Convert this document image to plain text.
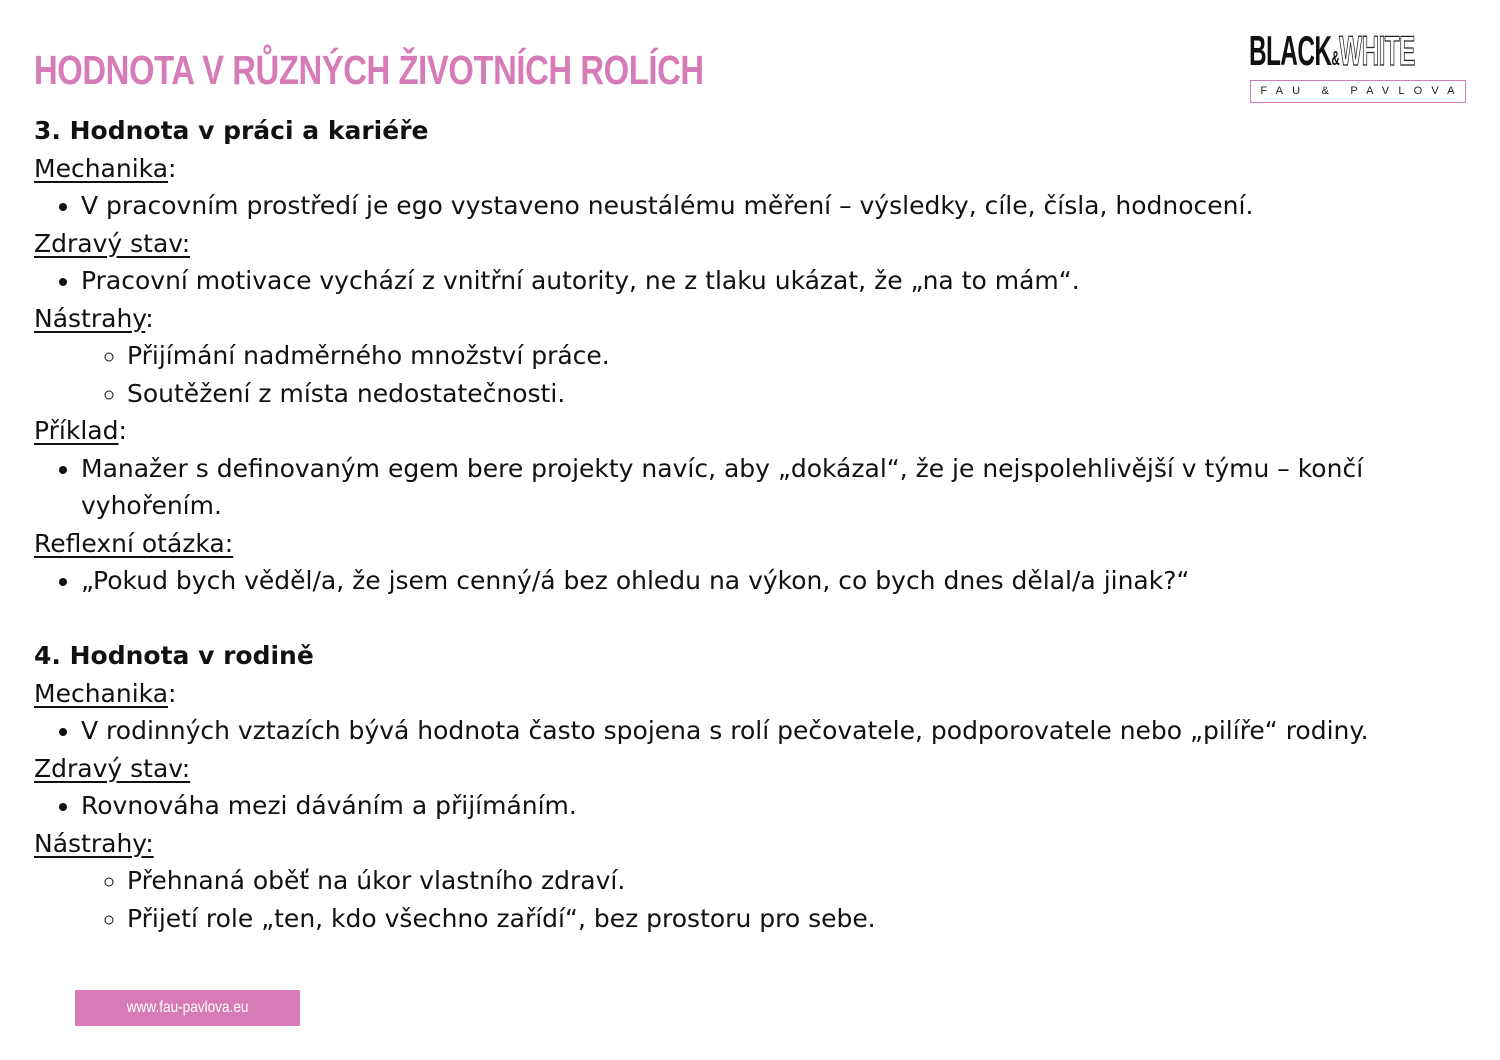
HODNOTA V RŮZNÝCH ŽIVOTNÍCH ROLÍCH	BLACK&WHITE
FAU & PAVLOVA

3. Hodnota v práci a kariéře

Mechanika:

• V pracovním prostředí je ego vystaveno neustálému měření – výsledky, cíle, čísla, hodnocení.

Zdravý stav:

• Pracovní motivace vychází z vnitřní autority, ne z tlaku ukázat, že „na to mám“.

Nástrahy:

◦ Přijímání nadměrného množství práce.
◦ Soutěžení z místa nedostatečnosti.

Příklad:

• Manažer s definovaným egem bere projekty navíc, aby „dokázal“, že je nejspolehlivější v týmu – končí vyhořením.

Reflexní otázka:

• „Pokud bych věděl/a, že jsem cenný/á bez ohledu na výkon, co bych dnes dělal/a jinak?“

4. Hodnota v rodině

Mechanika:

• V rodinných vztazích bývá hodnota často spojena s rolí pečovatele, podporovatele nebo „pilíře“ rodiny.

Zdravý stav:

• Rovnováha mezi dáváním a přijímáním.

Nástrahy:

◦ Přehnaná oběť na úkor vlastního zdraví.
◦ Přijetí role „ten, kdo všechno zařídí“, bez prostoru pro sebe.
www.fau-pavlova.eu
